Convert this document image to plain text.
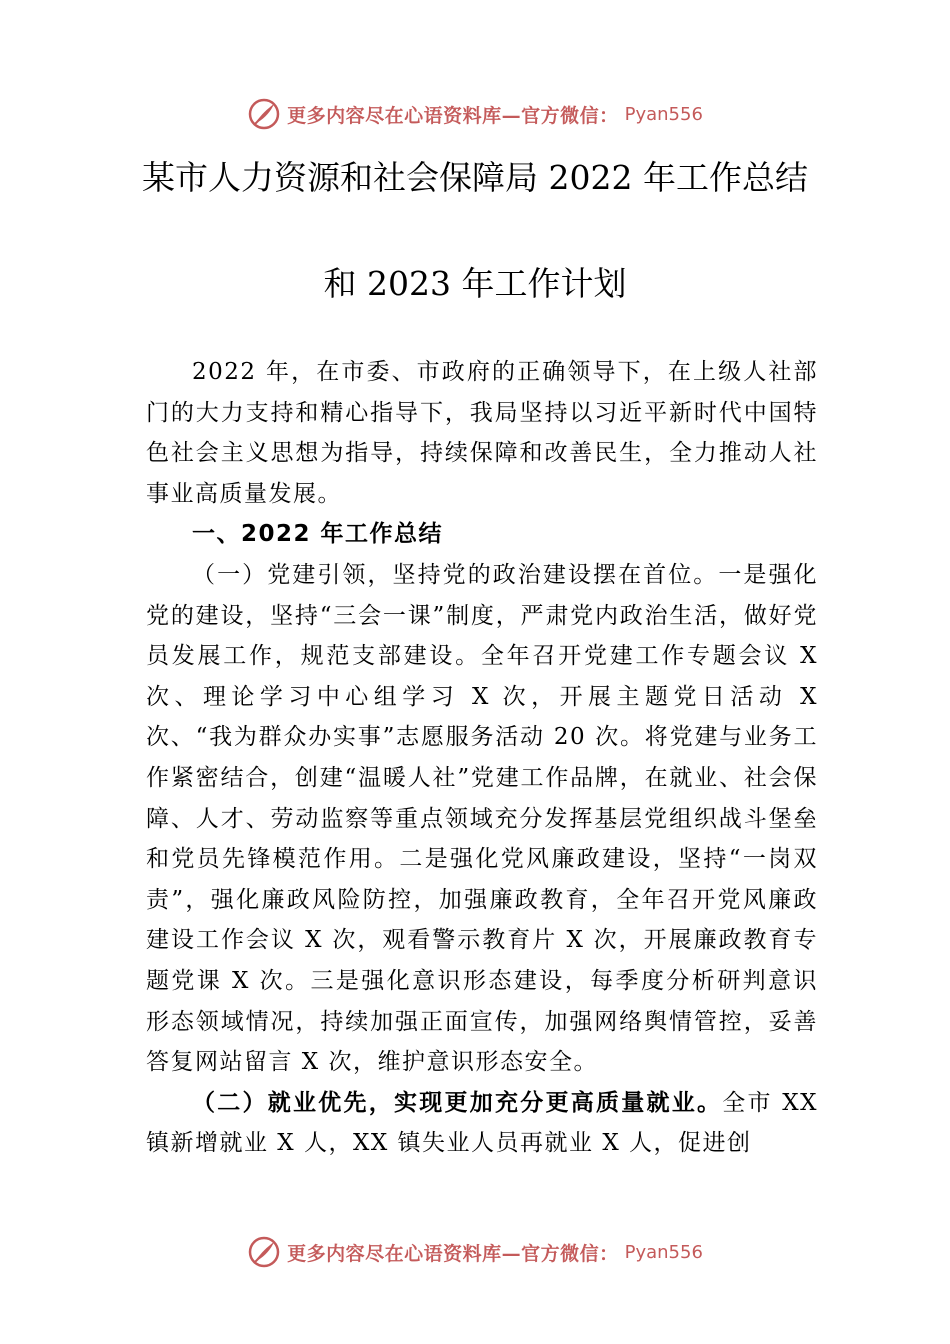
更多内容尽在心语资料库—官方微信： Pyan556
某市人力资源和社会保障局 2022 年工作总结
和 2023 年工作计划

2022 年，在市委、市政府的正确领导下，在上级人社部门的大力支持和精心指导下，我局坚持以习近平新时代中国特色社会主义思想为指导，持续保障和改善民生，全力推动人社事业高质量发展。

一、2022 年工作总结

（一）党建引领，坚持党的政治建设摆在首位。一是强化党的建设，坚持“三会一课”制度，严肃党内政治生活，做好党员发展工作，规范支部建设。全年召开党建工作专题会议 X 次、理论学习中心组学习 X 次，开展主题党日活动 X 次、“我为群众办实事”志愿服务活动 20 次。将党建与业务工作紧密结合，创建“温暖人社”党建工作品牌，在就业、社会保障、人才、劳动监察等重点领域充分发挥基层党组织战斗堡垒和党员先锋模范作用。二是强化党风廉政建设，坚持“一岗双责”，强化廉政风险防控，加强廉政教育，全年召开党风廉政建设工作会议 X 次，观看警示教育片 X 次，开展廉政教育专题党课 X 次。三是强化意识形态建设，每季度分析研判意识形态领域情况，持续加强正面宣传，加强网络舆情管控，妥善答复网站留言 X 次，维护意识形态安全。

（二）就业优先，实现更加充分更高质量就业。全市 XX 镇新增就业 X 人，XX 镇失业人员再就业 X 人，促进创

更多内容尽在心语资料库—官方微信： Pyan556
